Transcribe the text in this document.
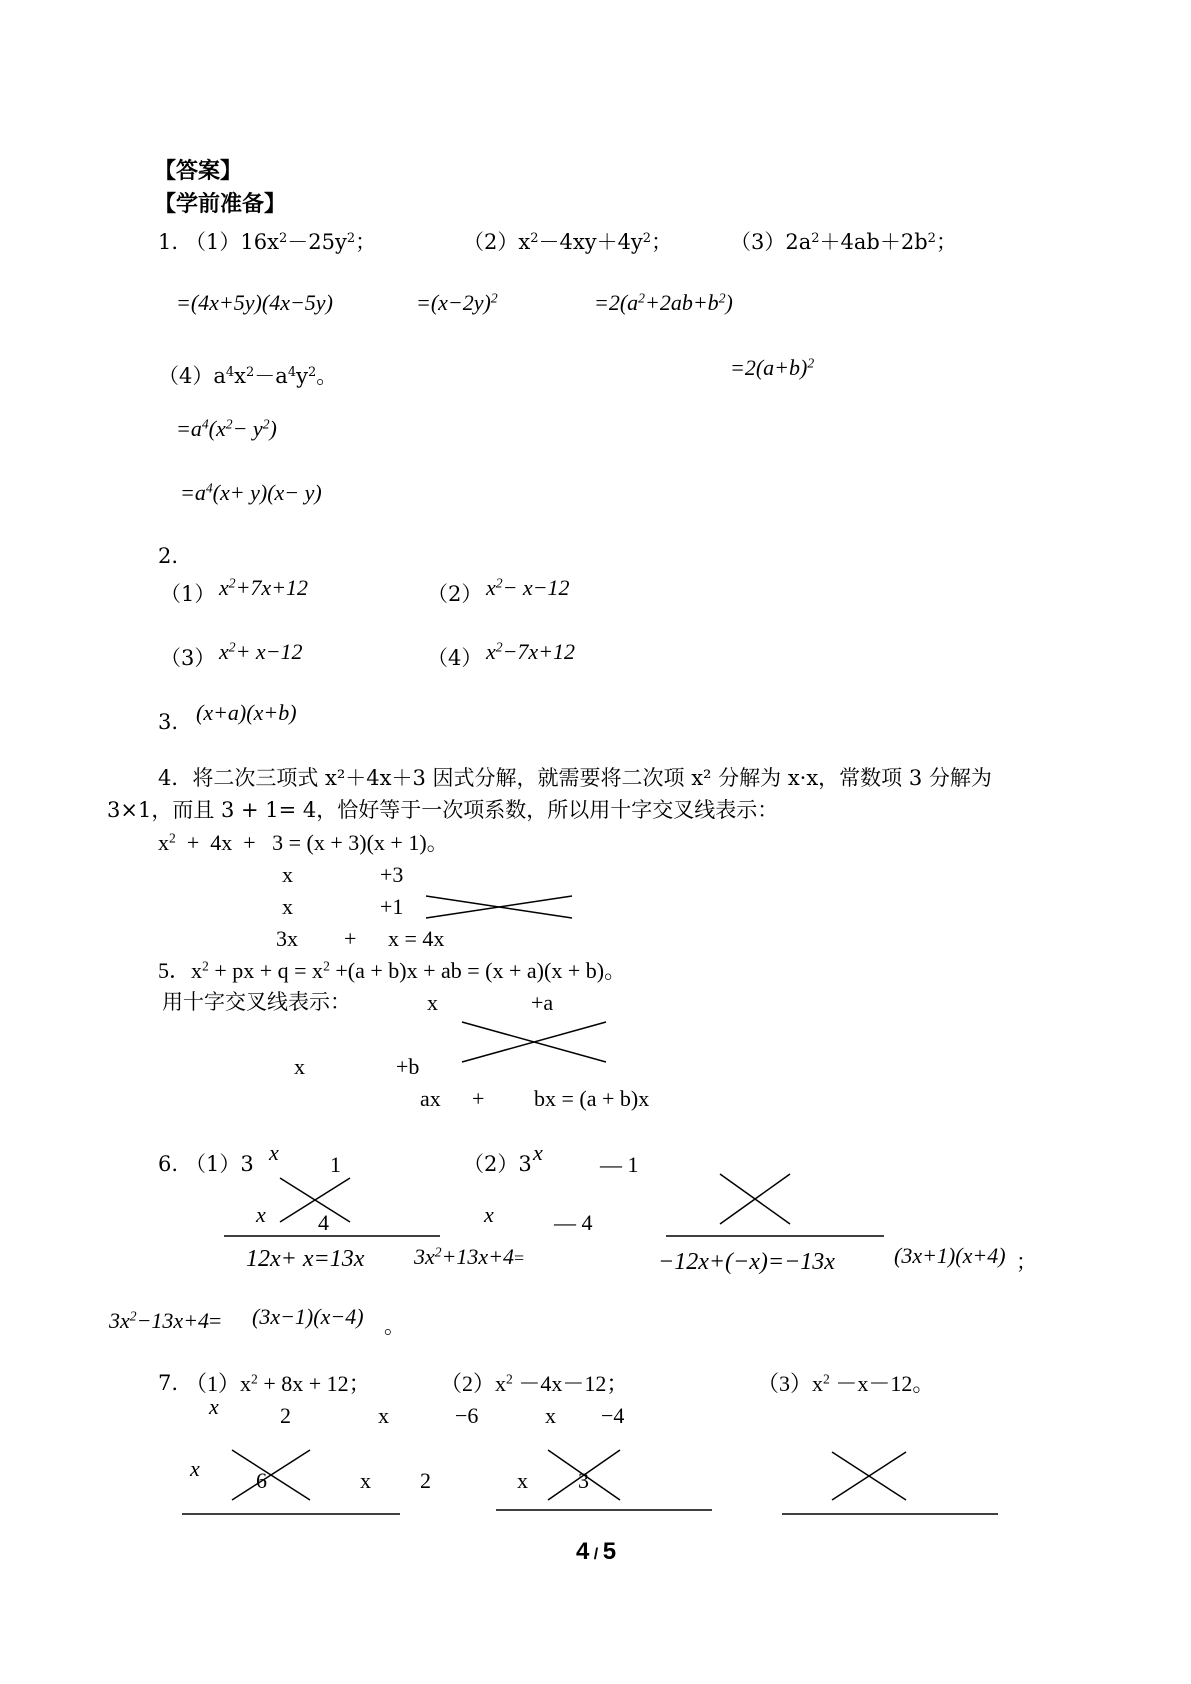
【答案】
【学前准备】
1. $(1)16x^2-25y^2$；	$(2)x^2-4xy+4y^2$；	$(3)2a^2+4ab+2b^2$；
=(4x+5y)(4x−5y)	$=(x-2y)^2$	$=2(a^2+2ab+b^2)$
$(4)a^4x^2-a^4y^2$。	$=2(a+b)^2$
$=a^4(x^2- y^2)$
$=a^4(x+ y)(x- y)$
2.
（1） $x^2+7x+12$	（2） $x^2- x-12$
（3） $x^2+ x-12$	（4） $x^2-7x+12$
3. (x+a)(x+b)
4．将二次三项式 x²＋4x＋3 因式分解，就需要将二次项 x² 分解为 x·x，常数项 3 分解为
3×1，而且 3 + 1= 4，恰好等于一次项系数，所以用十字交叉线表示：
$x^2 + 4x + 3 = (x + 3)(x + 1)$。
x	+3
x	+1
3x + x = 4x
5．$x^2$ + px + $q = x^2 +(a + b)x$ + ab = (x + a)(x + b)。
用十字交叉线表示：	x	+a
x	+b
ax + bx = (a + b)x
6. （1）3 x 1
x 4
12x+ x=13x
（2）3 x	— 1
x	— 4
$3x^2+13x+4=$	−12x+(−x)=−13x	(3x+1)(x+4) ；
$3x^2-13x+4= (3x-1)(x-4)$ 。
7. $(1)x^2 + 8x + 12$；	$(2)x^2 -4x-12$；	$(3)x^2 -x-12$。
x	2	x	−6	x −4
x	6	x 2	x 3
4 / 5
